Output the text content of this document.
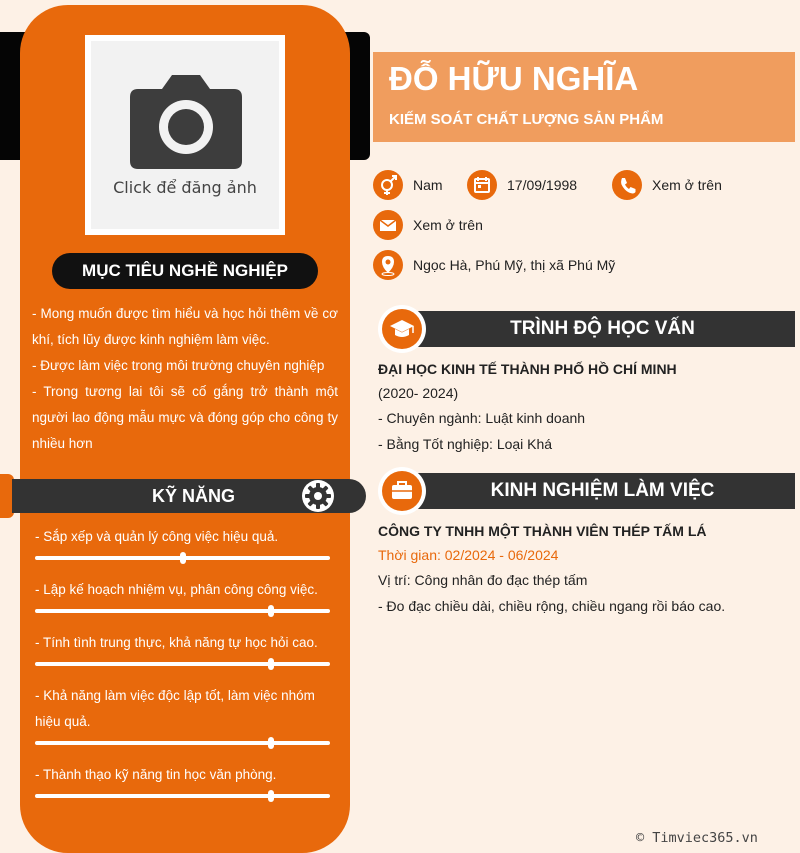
Click để đăng ảnh
MỤC TIÊU NGHỀ NGHIỆP
- Mong muốn được tìm hiểu và học hỏi thêm về cơ khí, tích lũy được kinh nghiệm làm việc.
- Được làm việc trong môi trường chuyên nghiệp
- Trong tương lai tôi sẽ cố gắng trở thành một người lao động mẫu mực và đóng góp cho công ty nhiều hơn
KỸ NĂNG
- Sắp xếp và quản lý công việc hiệu quả.
- Lập kế hoạch nhiệm vụ, phân công công việc.
- Tính tình trung thực, khả năng tự học hỏi cao.
- Khả năng làm việc độc lập tốt, làm việc nhóm hiệu quả.
- Thành thạo kỹ năng tin học văn phòng.
ĐỖ HỮU NGHĨA
KIẾM SOÁT CHẤT LƯỢNG SẢN PHẨM
Nam	17/09/1998	Xem ở trên
Xem ở trên
Ngọc Hà, Phú Mỹ, thị xã Phú Mỹ
TRÌNH ĐỘ HỌC VẤN
ĐẠI HỌC KINH TẾ THÀNH PHỐ HỒ CHÍ MINH
(2020- 2024)
- Chuyên ngành: Luật kinh doanh
- Bằng Tốt nghiệp: Loại Khá
KINH NGHIỆM LÀM VIỆC
CÔNG TY TNHH MỘT THÀNH VIÊN THÉP TẤM LÁ
Thời gian: 02/2024 - 06/2024
Vị trí: Công nhân đo đạc thép tấm
- Đo đạc chiều dài, chiều rộng, chiều ngang rồi báo cao.
© Timviec365.vn
